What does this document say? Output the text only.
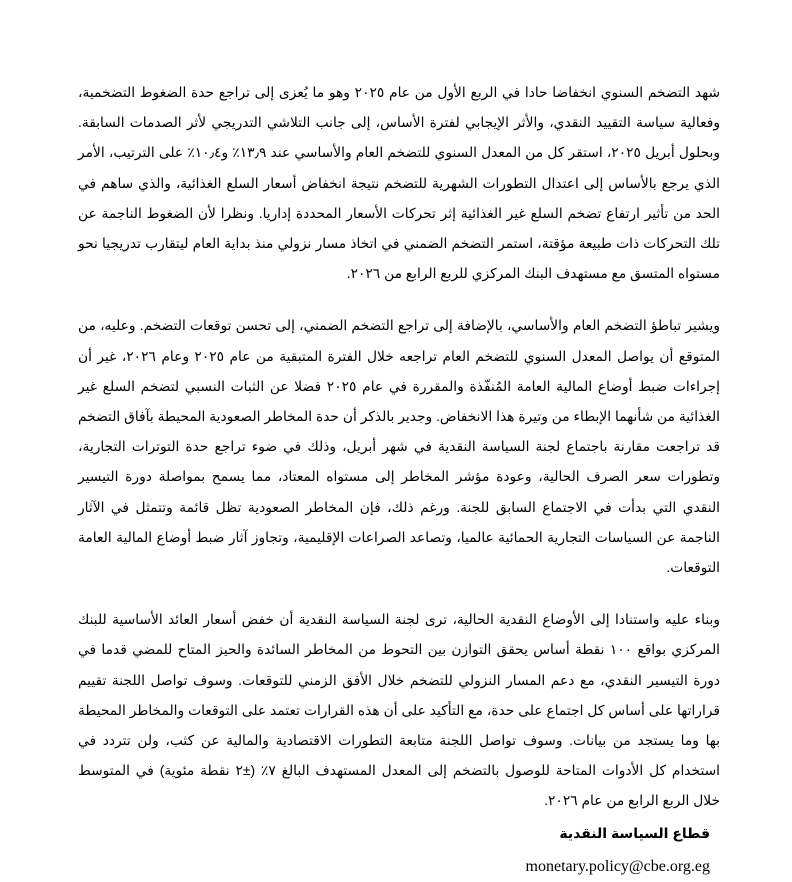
شهد التضخم السنوي انخفاضا حادا في الربع الأول من عام ٢٠٢٥ وهو ما يُعزى إلى تراجع حدة الضغوط التضخمية، وفعالية سياسة التقييد النقدي، والأثر الإيجابي لفترة الأساس، إلى جانب التلاشي التدريجي لأثر الصدمات السابقة. وبحلول أبريل ٢٠٢٥، استقر كل من المعدل السنوي للتضخم العام والأساسي عند ١٣٫٩٪ و١٠٫٤٪ على الترتيب، الأمر الذي يرجع بالأساس إلى اعتدال التطورات الشهرية للتضخم نتيجة انخفاض أسعار السلع الغذائية، والذي ساهم في الحد من تأثير ارتفاع تضخم السلع غير الغذائية إثر تحركات الأسعار المحددة إداريا. ونظرا لأن الضغوط الناجمة عن تلك التحركات ذات طبيعة مؤقتة، استمر التضخم الضمني في اتخاذ مسار نزولي منذ بداية العام ليتقارب تدريجيا نحو مستواه المتسق مع مستهدف البنك المركزي للربع الرابع من ٢٠٢٦.

ويشير تباطؤ التضخم العام والأساسي، بالإضافة إلى تراجع التضخم الضمني، إلى تحسن توقعات التضخم. وعليه، من المتوقع أن يواصل المعدل السنوي للتضخم العام تراجعه خلال الفترة المتبقية من عام ٢٠٢٥ وعام ٢٠٢٦، غير أن إجراءات ضبط أوضاع المالية العامة المُنفّذة والمقررة في عام ٢٠٢٥ فضلا عن الثبات النسبي لتضخم السلع غير الغذائية من شأنهما الإبطاء من وتيرة هذا الانخفاض. وجدير بالذكر أن حدة المخاطر الصعودية المحيطة بآفاق التضخم قد تراجعت مقارنة باجتماع لجنة السياسة النقدية في شهر أبريل، وذلك في ضوء تراجع حدة التوترات التجارية، وتطورات سعر الصرف الحالية، وعودة مؤشر المخاطر إلى مستواه المعتاد، مما يسمح بمواصلة دورة التيسير النقدي التي بدأت في الاجتماع السابق للجنة. ورغم ذلك، فإن المخاطر الصعودية تظل قائمة وتتمثل في الآثار الناجمة عن السياسات التجارية الحمائية عالميا، وتصاعد الصراعات الإقليمية، وتجاوز آثار ضبط أوضاع المالية العامة التوقعات.

وبناء عليه واستنادا إلى الأوضاع النقدية الحالية، ترى لجنة السياسة النقدية أن خفض أسعار العائد الأساسية للبنك المركزي بواقع ١٠٠ نقطة أساس يحقق التوازن بين التحوط من المخاطر السائدة والحيز المتاح للمضي قدما في دورة التيسير النقدي، مع دعم المسار النزولي للتضخم خلال الأفق الزمني للتوقعات. وسوف تواصل اللجنة تقييم قراراتها على أساس كل اجتماع على حدة، مع التأكيد على أن هذه القرارات تعتمد على التوقعات والمخاطر المحيطة بها وما يستجد من بيانات. وسوف تواصل اللجنة متابعة التطورات الاقتصادية والمالية عن كثب، ولن تتردد في استخدام كل الأدوات المتاحة للوصول بالتضخم إلى المعدل المستهدف البالغ ٧٪ (±٢ نقطة مئوية) في المتوسط خلال الربع الرابع من عام ٢٠٢٦.

قطاع السياسة النقدية

monetary.policy@cbe.org.eg
